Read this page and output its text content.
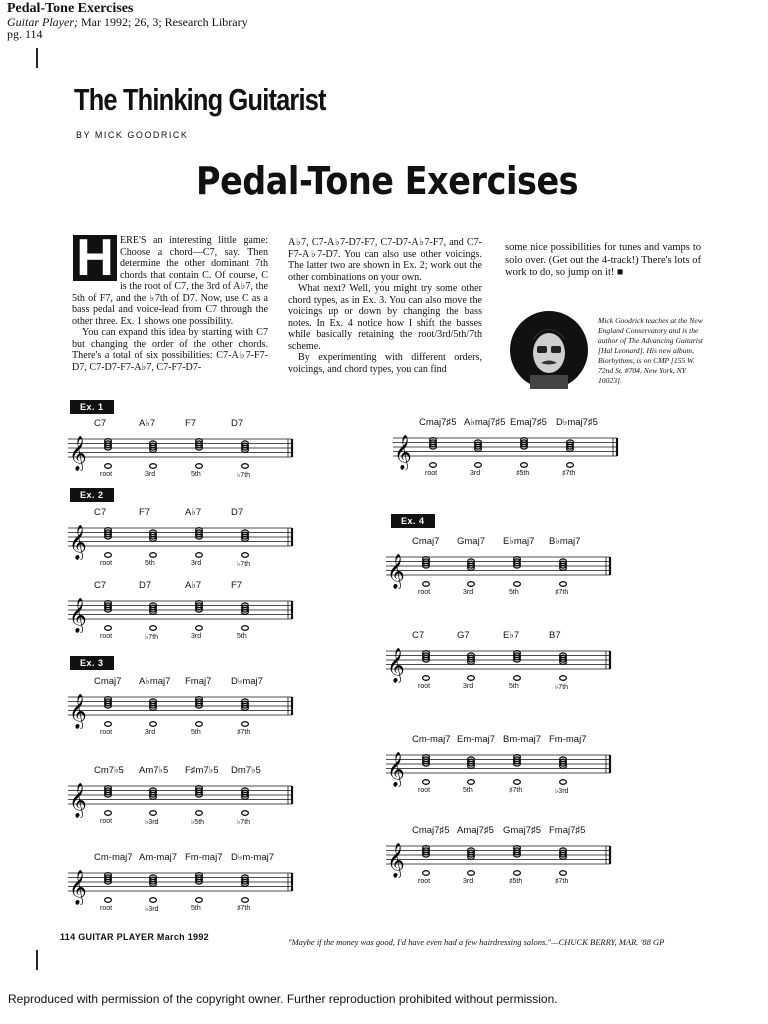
Pedal-Tone Exercises
Guitar Player; Mar 1992; 26, 3; Research Library
pg. 114
The Thinking Guitarist
BY MICK GOODRICK
Pedal-Tone Exercises
H ERE'S an interesting little game: Choose a chord—C7, say. Then determine the other dominant 7th chords that contain C. Of course, C is the root of C7, the 3rd of A♭7, the 5th of F7, and the ♭7th of D7. Now, use C as a bass pedal and voice-lead from C7 through the other three. Ex. 1 shows one possibility.

You can expand this idea by starting with C7 but changing the order of the other chords. There's a total of six possibilities: C7-A♭7-F7-D7, C7-D7-F7-A♭7, C7-F7-D7-

A♭7, C7-A♭7-D7-F7, C7-D7-A♭7-F7, and C7-F7-A♭7-D7. You can also use other voicings. The latter two are shown in Ex. 2; work out the other combinations on your own.

What next? Well, you might try some other chord types, as in Ex. 3. You can also move the voicings up or down by changing the bass notes. In Ex. 4 notice how I shift the basses while basically retaining the root/3rd/5th/7th scheme.

By experimenting with different orders, voicings, and chord types, you can find

some nice possibilities for tunes and vamps to solo over. (Get out the 4-track!) There's lots of work to do, so jump on it! ■

Mick Goodrick teaches at the New England Conservatory and is the author of The Advancing Guitarist [Hal Leonard]. His new album, Biorhythms, is on CMP [155 W. 72nd St. #704, New York, NY 10023].
Ex. 1
Ex. 2
Ex. 3
Ex. 4
C7	A♭7	F7	D7
𝄞
root	3rd	5th	♭7th
Cmaj7♯5 A♭maj7♯5 Emaj7♯5 D♭maj7♯5
𝄞
root	3rd	♯5th	♯7th
C7	F7	A♭7	D7
𝄞
root	5th	3rd	♭7th
C7	D7	A♭7	F7
𝄞
root	♭7th	3rd	5th
Cmaj7 A♭maj7 Fmaj7 D♭maj7
𝄞
root	3rd	5th	♯7th
Cm7♭5 Am7♭5 F♯m7♭5 Dm7♭5
𝄞
root	♭3rd	♭5th	♭7th
Cm-maj7 Am-maj7 Fm-maj7 D♭m-maj7
𝄞
root	♭3rd	5th	♯7th
Cmaj7 Gmaj7 E♭maj7 B♭maj7
𝄞
root	3rd	5th	♯7th
C7	G7	E♭7	B7
𝄞
root	3rd	5th	♭7th
Cm-maj7 Em-maj7 Bm-maj7 Fm-maj7
𝄞
root	5th	♯7th	♭3rd
Cmaj7♯5 Amaj7♯5 Gmaj7♯5 Fmaj7♯5
𝄞
root	3rd	♯5th	♯7th
114 GUITAR PLAYER March 1992	"Maybe if the money was good, I'd have even had a few hairdressing salons."—CHUCK BERRY, MAR. '88 GP
Reproduced with permission of the copyright owner. Further reproduction prohibited without permission.
